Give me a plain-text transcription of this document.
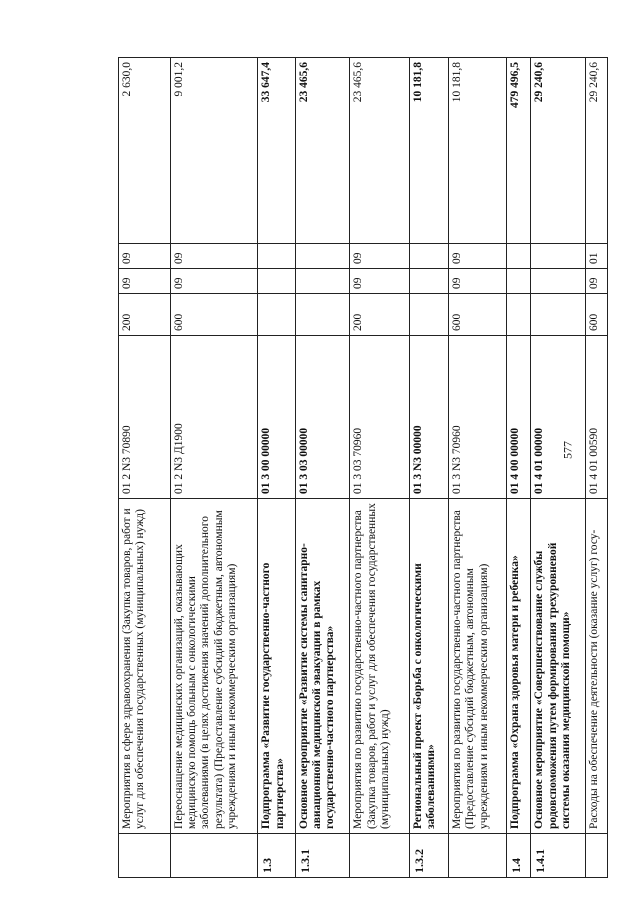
577
	Мероприятия в сфере здравоохранения (Закупка товаров, работ и услуг для обеспечения государственных (муниципальных) нужд)	01 2 N3 70890	200	09	09	2 630,0
	Переоснащение медицинских организаций, оказывающих медицинскую помощь больным с онкологическими заболеваниями (в целях достижения значений дополнительного результата) (Предоставление субсидий бюджетным, автономным учреждениям и иным некоммерческим организациям)	01 2 N3 Д1900	600	09	09	9 001,2
1.3	Подпрограмма «Развитие государственно-частного партнерства»	01 3 00 00000				33 647,4
1.3.1	Основное мероприятие «Развитие системы санитарно-авиационной медицинской эвакуации в рамках государственно-частного партнерства»	01 3 03 00000				23 465,6
	Мероприятия по развитию государственно-частного партнерства (Закупка товаров, работ и услуг для обеспечения государственных (муниципальных) нужд)	01 3 03 70960	200	09	09	23 465,6
1.3.2	Региональный проект «Борьба с онкологическими заболеваниями»	01 3 N3 00000				10 181,8
	Мероприятия по развитию государственно-частного партнерства (Предоставление субсидий бюджетным, автономным учреждениям и иным некоммерческим организациям)	01 3 N3 70960	600	09	09	10 181,8
1.4	Подпрограмма «Охрана здоровья матери и ребенка»	01 4 00 00000				479 496,5
1.4.1	Основное мероприятие «Совершенствование службы родовспоможения путем формирования трехуровневой системы оказания медицинской помощи»	01 4 01 00000				29 240,6
	Расходы на обеспечение деятельности (оказание услуг) госу-	01 4 01 00590	600	09	01	29 240,6
